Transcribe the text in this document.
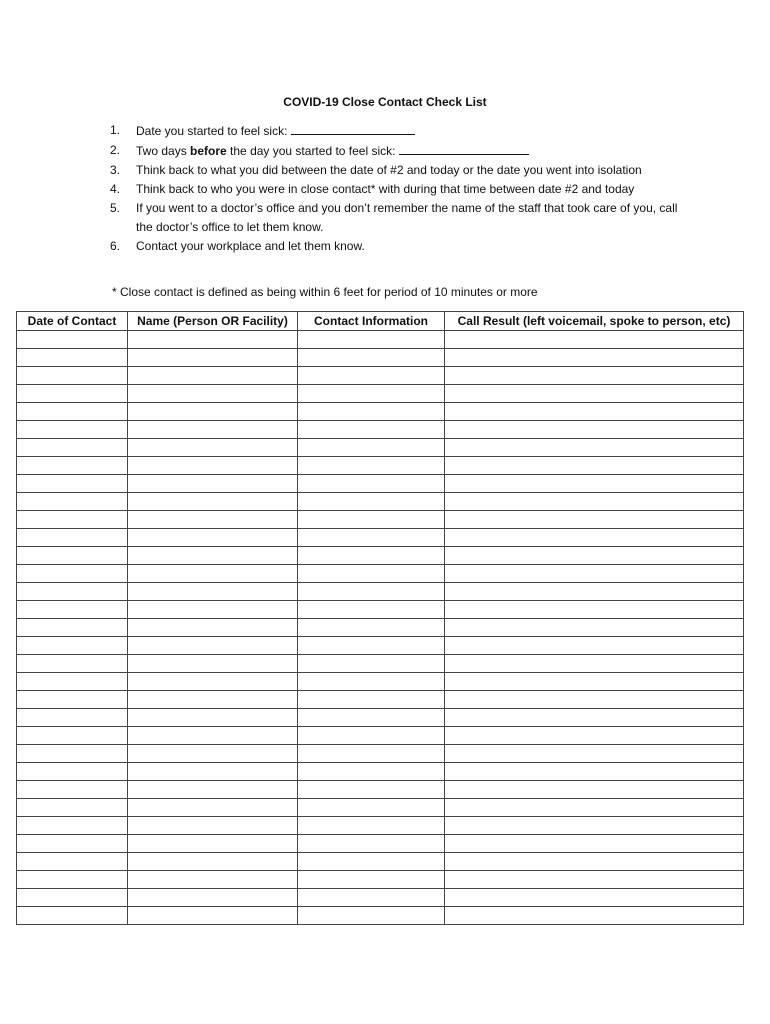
COVID-19 Close Contact Check List
1.	Date you started to feel sick:
2.	Two days before the day you started to feel sick:
3.	Think back to what you did between the date of #2 and today or the date you went into isolation
4.	Think back to who you were in close contact* with during that time between date #2 and today
5.	If you went to a doctor’s office and you don’t remember the name of the staff that took care of you, call the doctor’s office to let them know.
6.	Contact your workplace and let them know.
* Close contact is defined as being within 6 feet for period of 10 minutes or more
Date of Contact	Name (Person OR Facility)	Contact Information	Call Result (left voicemail, spoke to person, etc)
